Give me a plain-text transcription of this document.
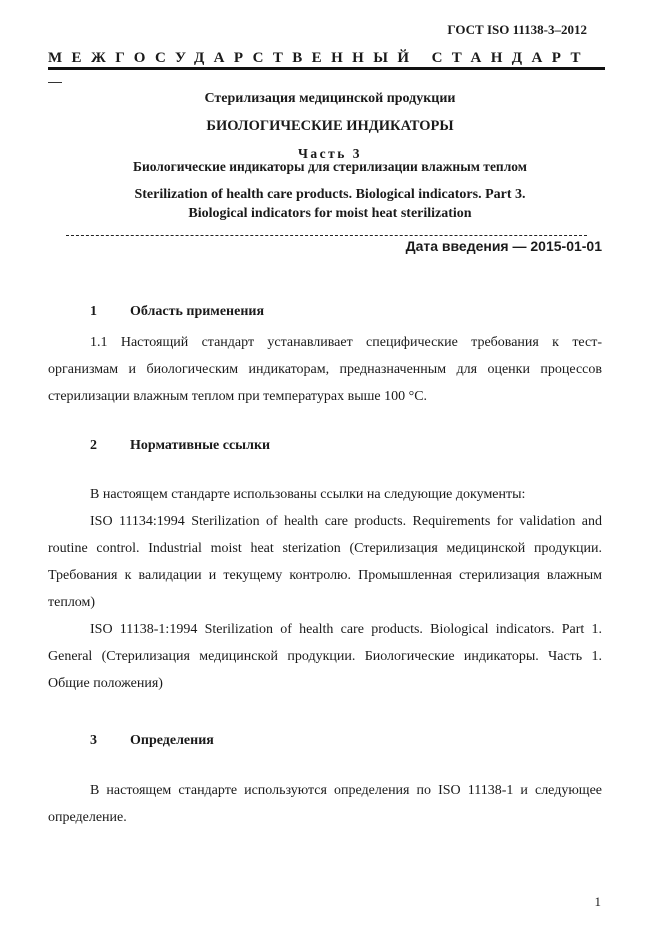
ГОСТ ISO 11138-3–2012
МЕЖГОСУДАРСТВЕННЫЙ СТАНДАРТ
Стерилизация медицинской продукции
БИОЛОГИЧЕСКИЕ ИНДИКАТОРЫ
Часть 3
Биологические индикаторы для стерилизации влажным теплом
Sterilization of health care products. Biological indicators. Part 3.
Biological indicators for moist heat sterilization
Дата введения — 2015-01-01
1 Область применения
1.1 Настоящий стандарт устанавливает специфические требования к тест-организмам и биологическим индикаторам, предназначенным для оценки процессов стерилизации влажным теплом при температурах выше 100 °С.
2 Нормативные ссылки
В настоящем стандарте использованы ссылки на следующие документы:
ISO 11134:1994 Sterilization of health care products. Requirements for validation and routine control. Industrial moist heat sterization (Стерилизация медицинской продукции. Требования к валидации и текущему контролю. Промышленная стерилизация влажным теплом)
ISO 11138-1:1994 Sterilization of health care products. Biological indicators. Part 1. General (Стерилизация медицинской продукции. Биологические индикаторы. Часть 1. Общие положения)
3 Определения
В настоящем стандарте используются определения по ISO 11138-1 и следующее определение.
1
